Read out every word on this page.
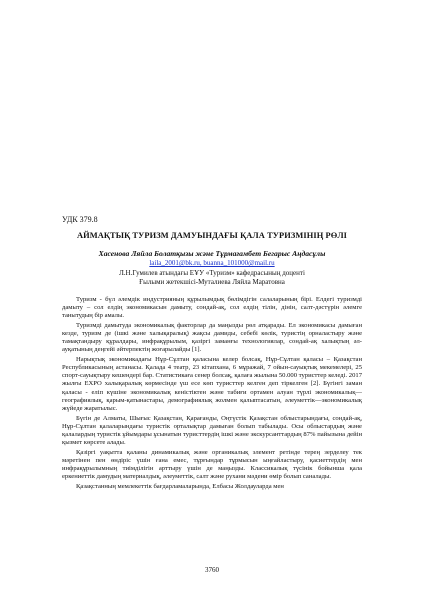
УДК 379.8
АЙМАҚТЫҚ ТУРИЗМ ДАМУЫНДАҒЫ ҚАЛА ТУРИЗМІНІҢ РӨЛІ
Хасенова Ляйла Болатқызы және Тұрмағамбет Бегарыс Аңдасұлы
laila_2001@bk.ru, buanna_101000@mail.ru
Л.Н.Гумилев атындағы ЕҰУ «Туризм» кафедрасының доценті
Ғылыми жетекшісі-Муталиева Ляйла Маратовна

Туризм - бүл әлемдік индустрияның құрылымдық бөлімдігін салаларының бірі. Елдегі туризмді дамыту – сол елдің экономикасын дамыту, сондай-ақ, сол елдің тілін, дінін, салт-дәстүрін әлемге танытудың бір амалы.

Туризмді дамытуда экономикалық факторлар да маңызды рөл атқарады. Ел экономикасы дамыған кезде, туризм де (ішкі және халықаралық) жақсы дамиды, себебі көлік, туристің орналастыру және тамақтандыру құралдары, инфрақұрылым, қазіргі заманғы технологиялар, сондай-ақ халықтың әл-ауқатының деңгейі әйтерпектің жоғарылайды [1].

Нарықтық экономикадағы Нұр-Сұлтан қаласына келер болсақ, Нұр-Сұлтан қаласы – Қазақстан Республикасының астанасы. Қалада 4 театр, 23 кітапхана, 6 мұражай, 7 ойын-сауықтық мекемелері, 25 спорт-сауықтыру кешендері бар. Статистикаға сенер болсақ, қалаға жылына 50.000 туристтер келеді. 2017 жылғы ЕХРО халықаралық көрмесінде үш есе көп туристтер келген деп тіркелген [2]. Бүгінгі заман қаласы - еліп күшіне экономикалық кеністіктен және табиғи ортамен алуан түрлі экономикалық—географиялық, қарым-қатынастары, демографиялық жолмен қалыптасатын, әлеуметтік—экономикалық жүйеде жаратылыс.

Бүгін де Алматы, Шығыс Қазақстан, Қарағанды, Оңтүстік Қазақстан облыстарындағы, сондай-ақ, Нұр-Сұлтан қалаларындағы туристік орталықтар дамыған болып табылады. Осы облыстардың және қалалардың туристік ұйымдары ұсынатын туристтердің ішкі және экскурсанттардың 87% пайызына дейін қызмет көрсете алады.

Қазіргі уақытта қаланы динамикалық және органикалық элемент ретінде терең зерделеу тек мәретінен пен өндіріс үшін ғана емес, тұрғындар тұрмысын ыңғайластыру, қасиеттердің мен инфрақұрылымның тиімділігін арттыру үшін де маңызды. Классикалық түсінік бойынша қала еркениеттік дамудың материалдық, әлеуметтік, салт және рухани мәдени өмір болып саналады.

Қазақстанның мемлекеттік бағдарламаларында, Елбасы Жолдауларда мен

3760
